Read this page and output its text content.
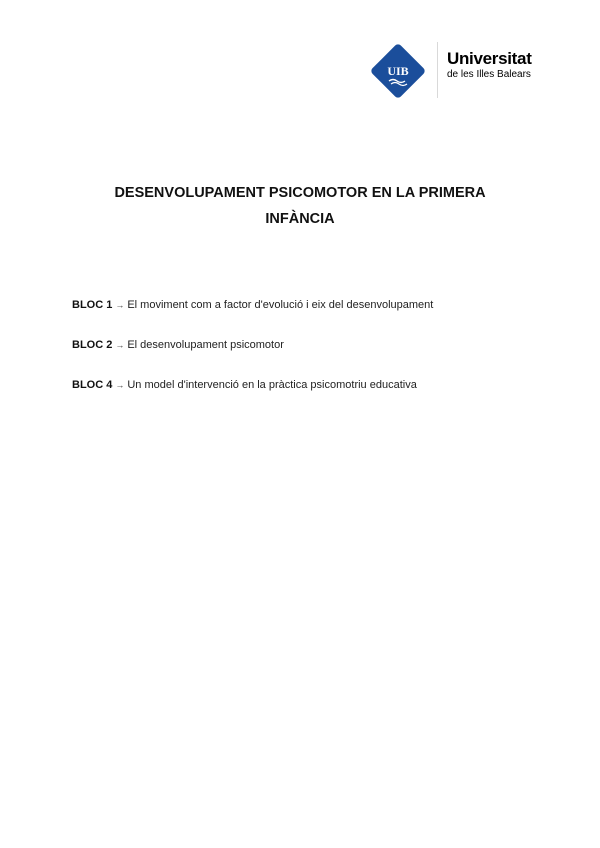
UIB
Universitat
de les Illes Balears
DESENVOLUPAMENT PSICOMOTOR EN LA PRIMERA
INFÀNCIA
BLOC 1 → El moviment com a factor d'evolució i eix del desenvolupament
BLOC 2 → El desenvolupament psicomotor
BLOC 4 → Un model d'intervenció en la pràctica psicomotriu educativa
